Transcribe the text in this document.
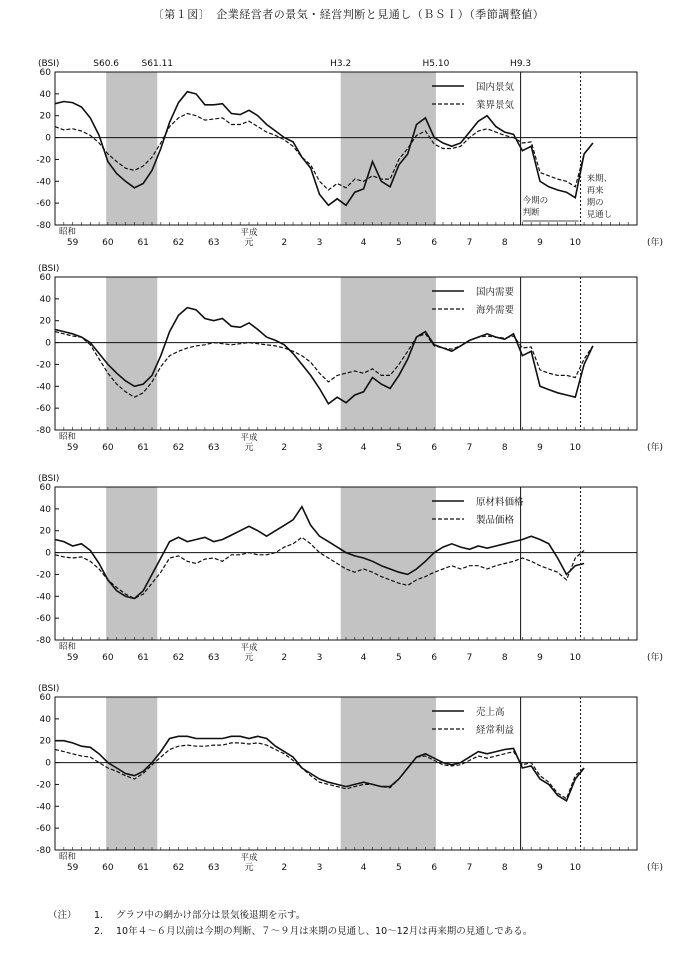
〔第１図〕　企業経営者の景気・経営判断と見通し（ＢＳＩ）（季節調整値）
60
40
20
0
-20
-40
-60
-80
(BSI)
59	60	61	62	63	元	2	3	4	5	6	7	8	9	10
昭和	平成
(年)
国内景気
業界景気
S60.6	S61.11	H3.2	H5.10	H9.3
今期の
判断
来期、
再来
期の
見通し
60
40
20
0
-20
-40
-60
-80
(BSI)
59	60	61	62	63	元	2	3	4	5	6	7	8	9	10
昭和	平成
(年)
国内需要
海外需要
60
40
20
0
-20
-40
-60
-80
(BSI)
59	60	61	62	63	元	2	3	4	5	6	7	8	9	10
昭和	平成
(年)
原材料価格
製品価格
60
40
20
0
-20
-40
-60
-80
(BSI)
59	60	61	62	63	元	2	3	4	5	6	7	8	9	10
昭和	平成
(年)
売上高
経常利益
（注）	1.	グラフ中の網かけ部分は景気後退期を示す。
2.	10年４～６月以前は今期の判断、７～９月は来期の見通し、10～12月は再来期の見通しである。
